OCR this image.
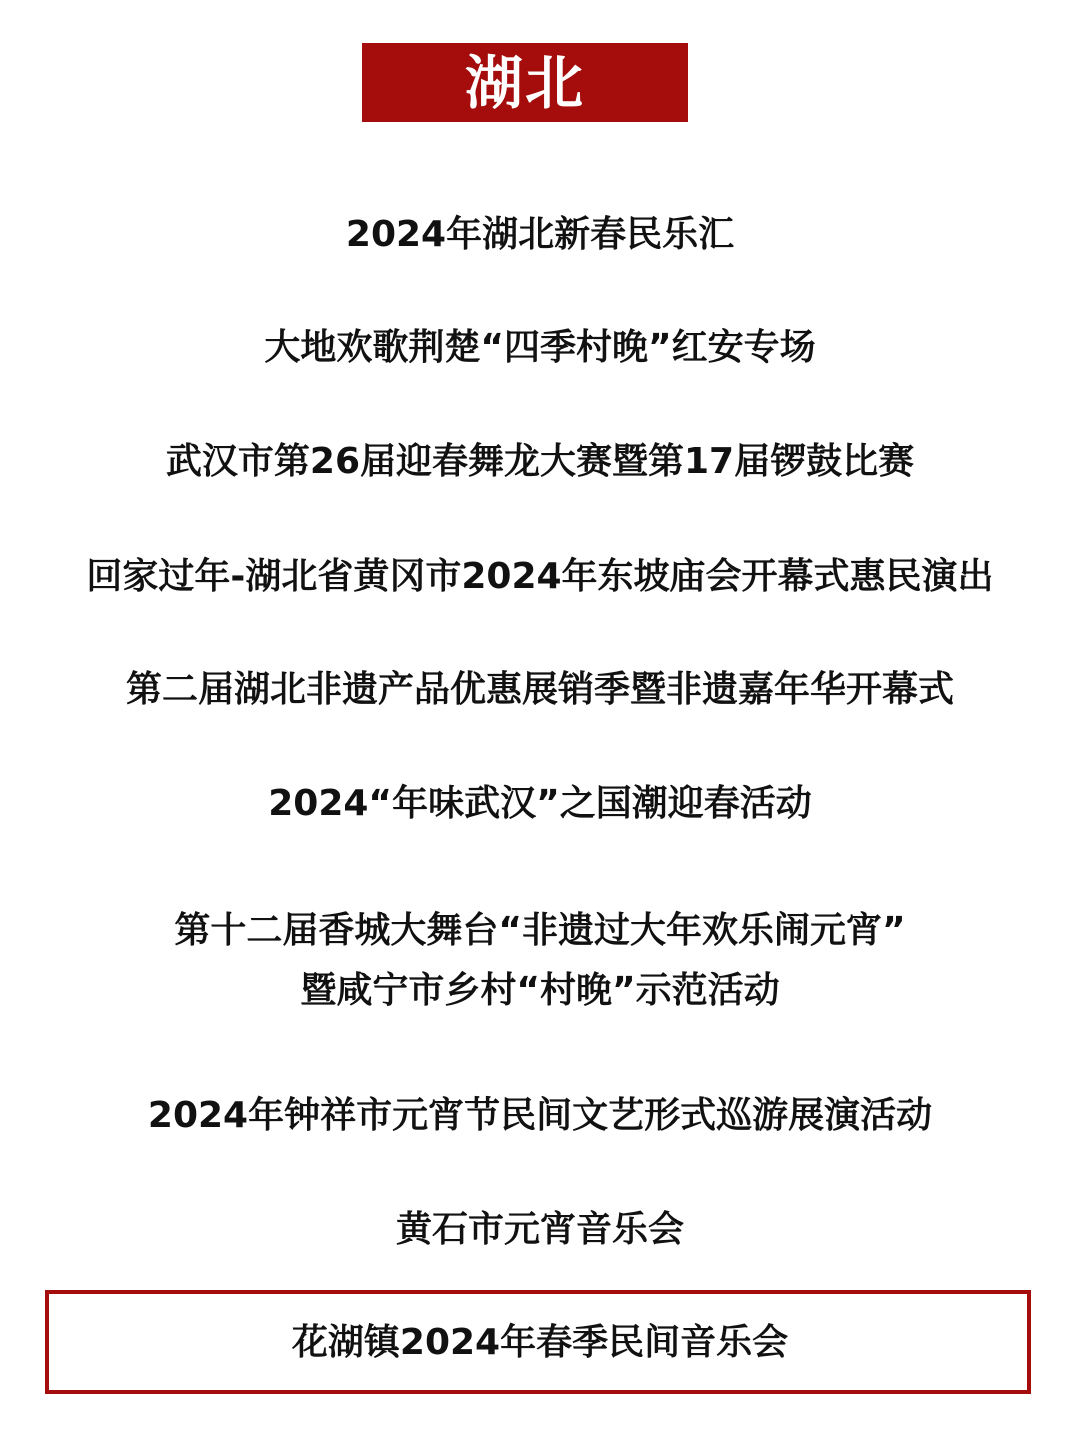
湖北
2024年湖北新春民乐汇
大地欢歌荆楚“四季村晚”红安专场
武汉市第26届迎春舞龙大赛暨第17届锣鼓比赛
回家过年-湖北省黄冈市2024年东坡庙会开幕式惠民演出
第二届湖北非遗产品优惠展销季暨非遗嘉年华开幕式
2024“年味武汉”之国潮迎春活动
第十二届香城大舞台“非遗过大年欢乐闹元宵”
暨咸宁市乡村“村晚”示范活动
2024年钟祥市元宵节民间文艺形式巡游展演活动
黄石市元宵音乐会
花湖镇2024年春季民间音乐会
